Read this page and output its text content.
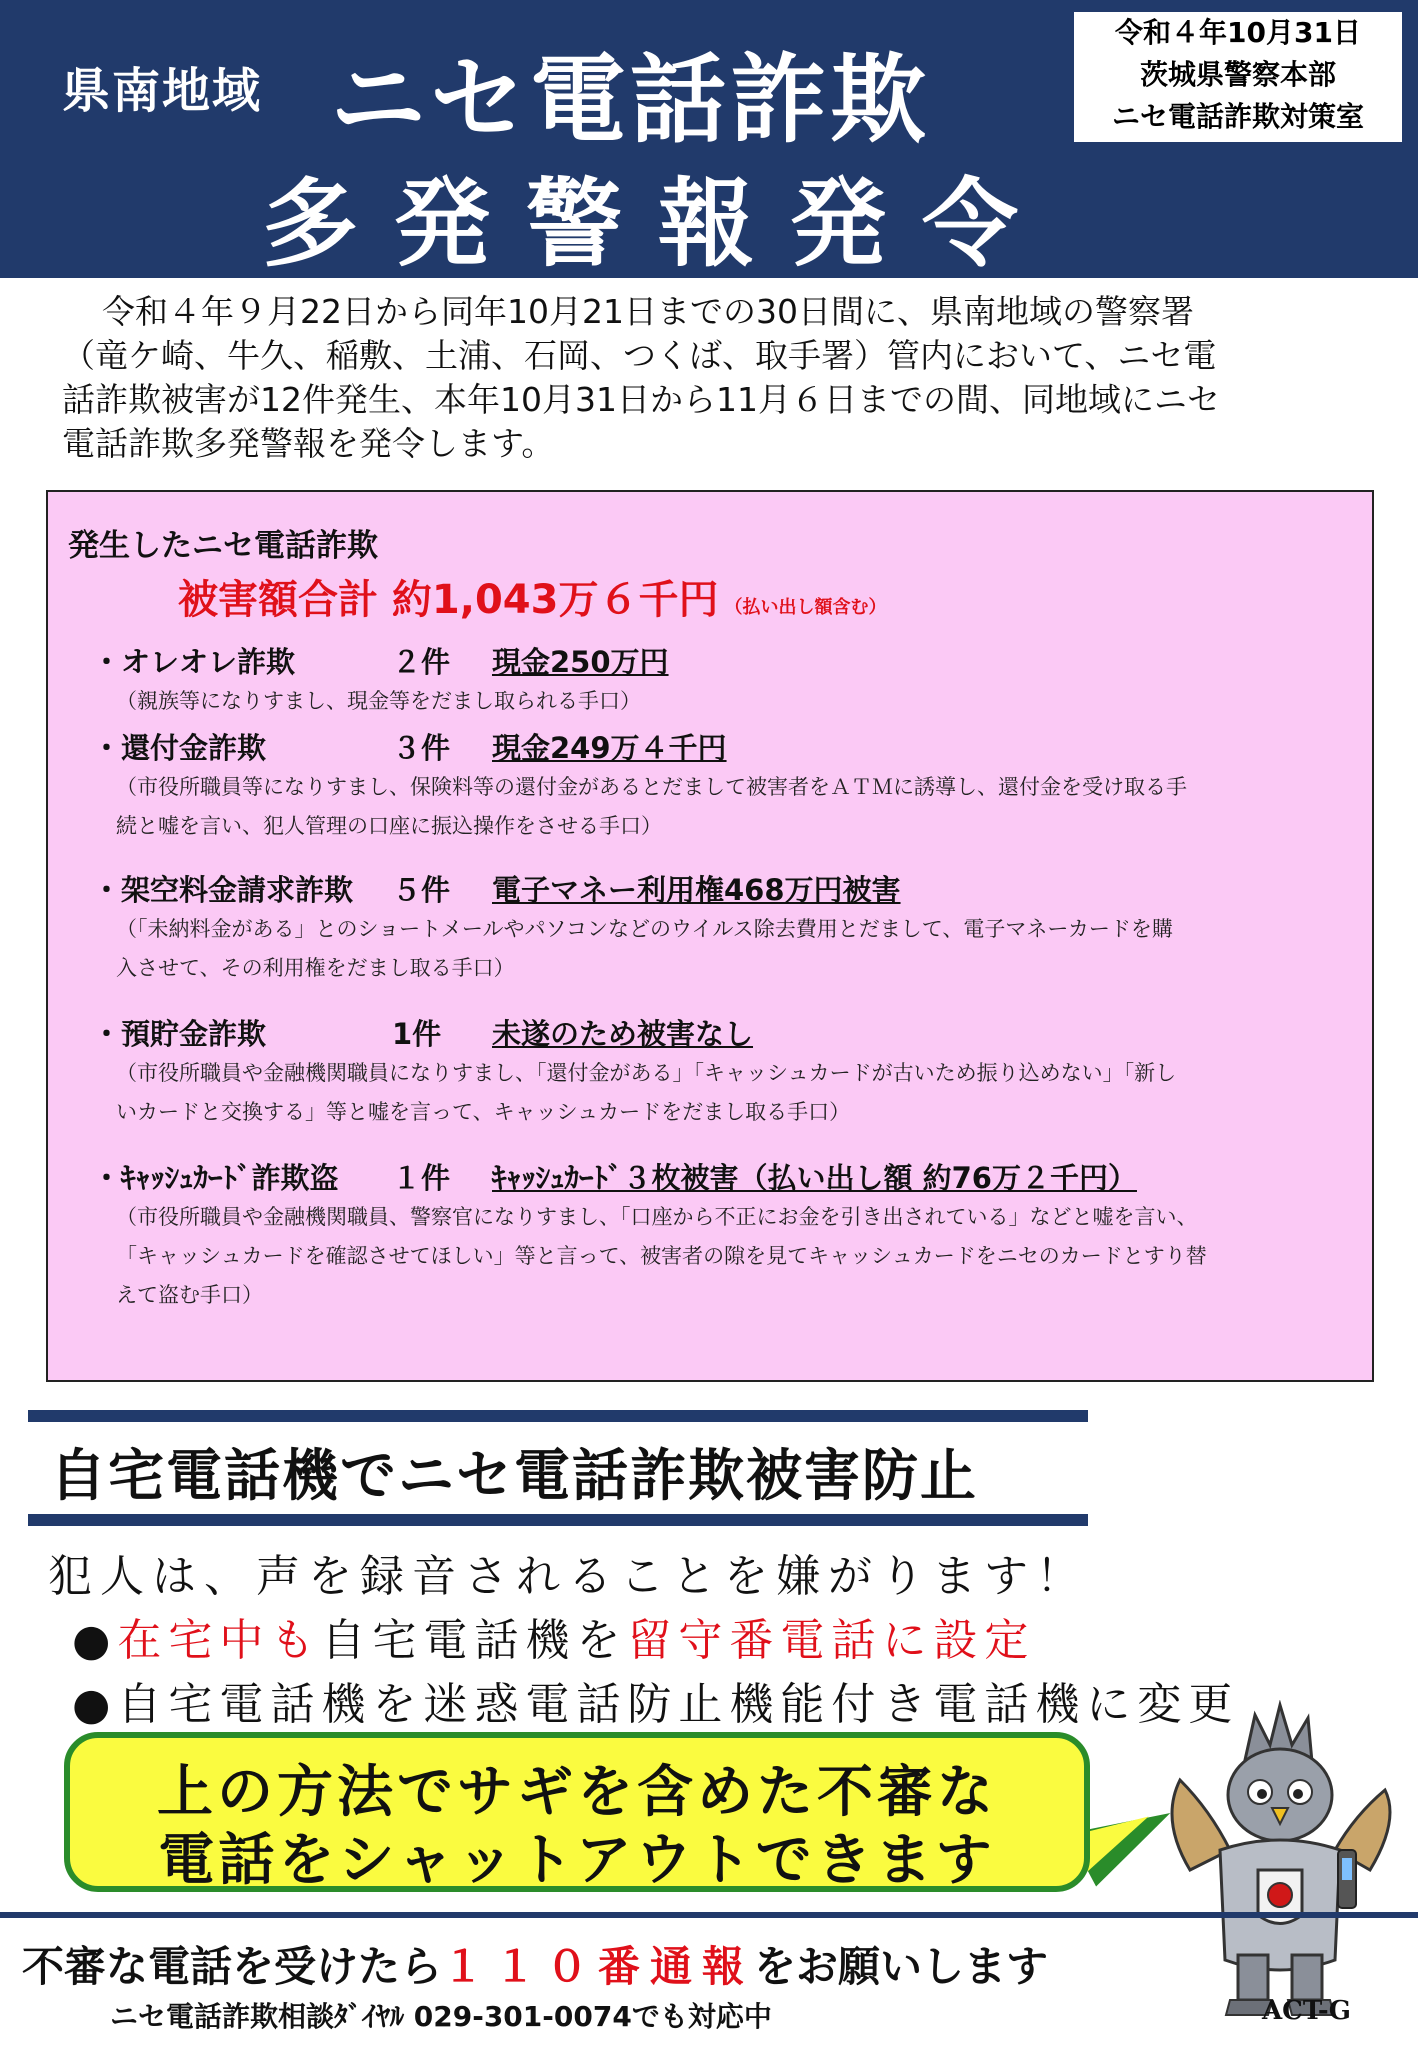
県南地域 ニセ電話詐欺
多発警報発令
令和４年10月31日
茨城県警察本部
ニセ電話詐欺対策室
令和４年９月22日から同年10月21日までの30日間に、県南地域の警察署
（竜ケ崎、牛久、稲敷、土浦、石岡、つくば、取手署）管内において、ニセ電
話詐欺被害が12件発生、本年10月31日から11月６日までの間、同地域にニセ
電話詐欺多発警報を発令します。
発生したニセ電話詐欺
被害額合計 約1,043万６千円 （払い出し額含む）
・オレオレ詐欺	２件 現金250万円
（親族等になりすまし、現金等をだまし取られる手口）
・還付金詐欺	３件 現金249万４千円
（市役所職員等になりすまし、保険料等の還付金があるとだまして被害者をＡＴＭに誘導し、還付金を受け取る手
続と嘘を言い、犯人管理の口座に振込操作をさせる手口）
・架空料金請求詐欺 ５件 電子マネー利用権468万円被害
（「未納料金がある」とのショートメールやパソコンなどのウイルス除去費用とだまして、電子マネーカードを購
入させて、その利用権をだまし取る手口）
・預貯金詐欺	1件 未遂のため被害なし
（市役所職員や金融機関職員になりすまし、「還付金がある」「キャッシュカードが古いため振り込めない」「新し
いカードと交換する」等と嘘を言って、キャッシュカードをだまし取る手口）
・ｷｬｯｼｭｶｰﾄﾞ詐欺盗 １件 ｷｬｯｼｭｶｰﾄﾞ３枚被害（払い出し額 約76万２千円）
（市役所職員や金融機関職員、警察官になりすまし、「口座から不正にお金を引き出されている」などと嘘を言い、
「キャッシュカードを確認させてほしい」等と言って、被害者の隙を見てキャッシュカードをニセのカードとすり替
えて盗む手口）
自宅電話機でニセ電話詐欺被害防止
犯人は、声を録音されることを嫌がります！
●在宅中も自宅電話機を留守番電話に設定
●自宅電話機を迷惑電話防止機能付き電話機に変更
上の方法でサギを含めた不審な
電話をシャットアウトできます
ACT-G
不審な電話を受けたら１１０番通報をお願いします
ニセ電話詐欺相談ﾀﾞｲﾔﾙ 029-301-0074でも対応中
